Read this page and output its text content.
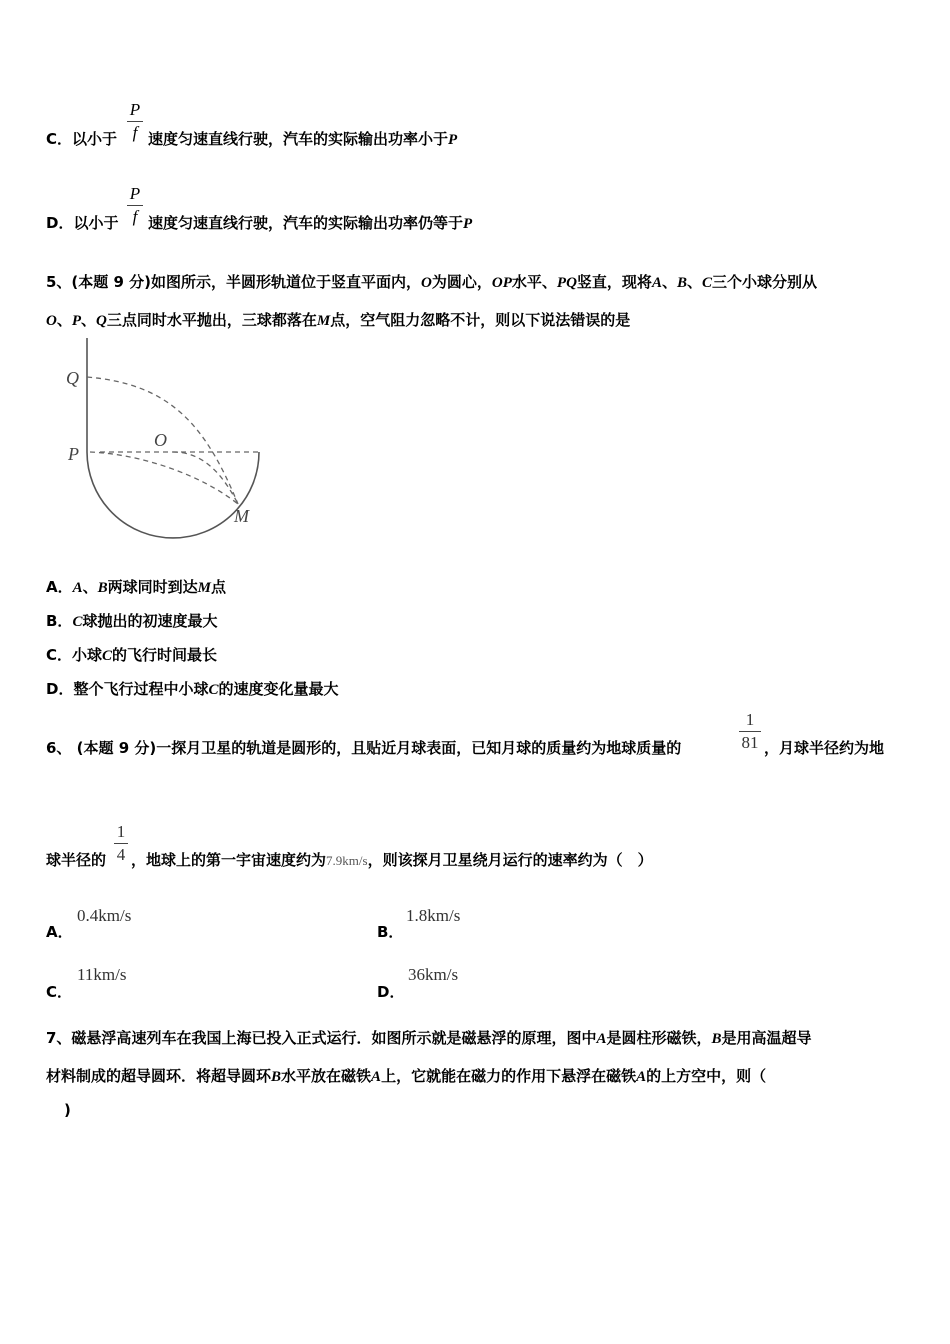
C．以小于
P
f 速度匀速直线行驶，汽车的实际输出功率小于P
D．以小于
P
f 速度匀速直线行驶，汽车的实际输出功率仍等于P
5、(本题 9 分)如图所示，半圆形轨道位于竖直平面内，O为圆心，OP水平、PQ竖直，现将A、B、C三个小球分别从
O、P、Q三点同时水平抛出，三球都落在M点，空气阻力忽略不计，则以下说法错误的是
Q
O
P
M
A．A、B两球同时到达M点
B．C球抛出的初速度最大
C．小球C的飞行时间最长
D．整个飞行过程中小球C的速度变化量最大
6、 (本题 9 分)一探月卫星的轨道是圆形的，且贴近月球表面，已知月球的质量约为地球质量的
1
81 ，月球半径约为地
球半径的
1
4 ，地球上的第一宇宙速度约为7.9km/s，则该探月卫星绕月运行的速率约为（　）
A．
0.4km/s
B．
1.8km/s
C．
11km/s
D．
36km/s
7、磁悬浮高速列车在我国上海已投入正式运行．如图所示就是磁悬浮的原理，图中A是圆柱形磁铁，B是用高温超导
材料制成的超导圆环．将超导圆环B水平放在磁铁A上，它就能在磁力的作用下悬浮在磁铁A的上方空中，则（
)
